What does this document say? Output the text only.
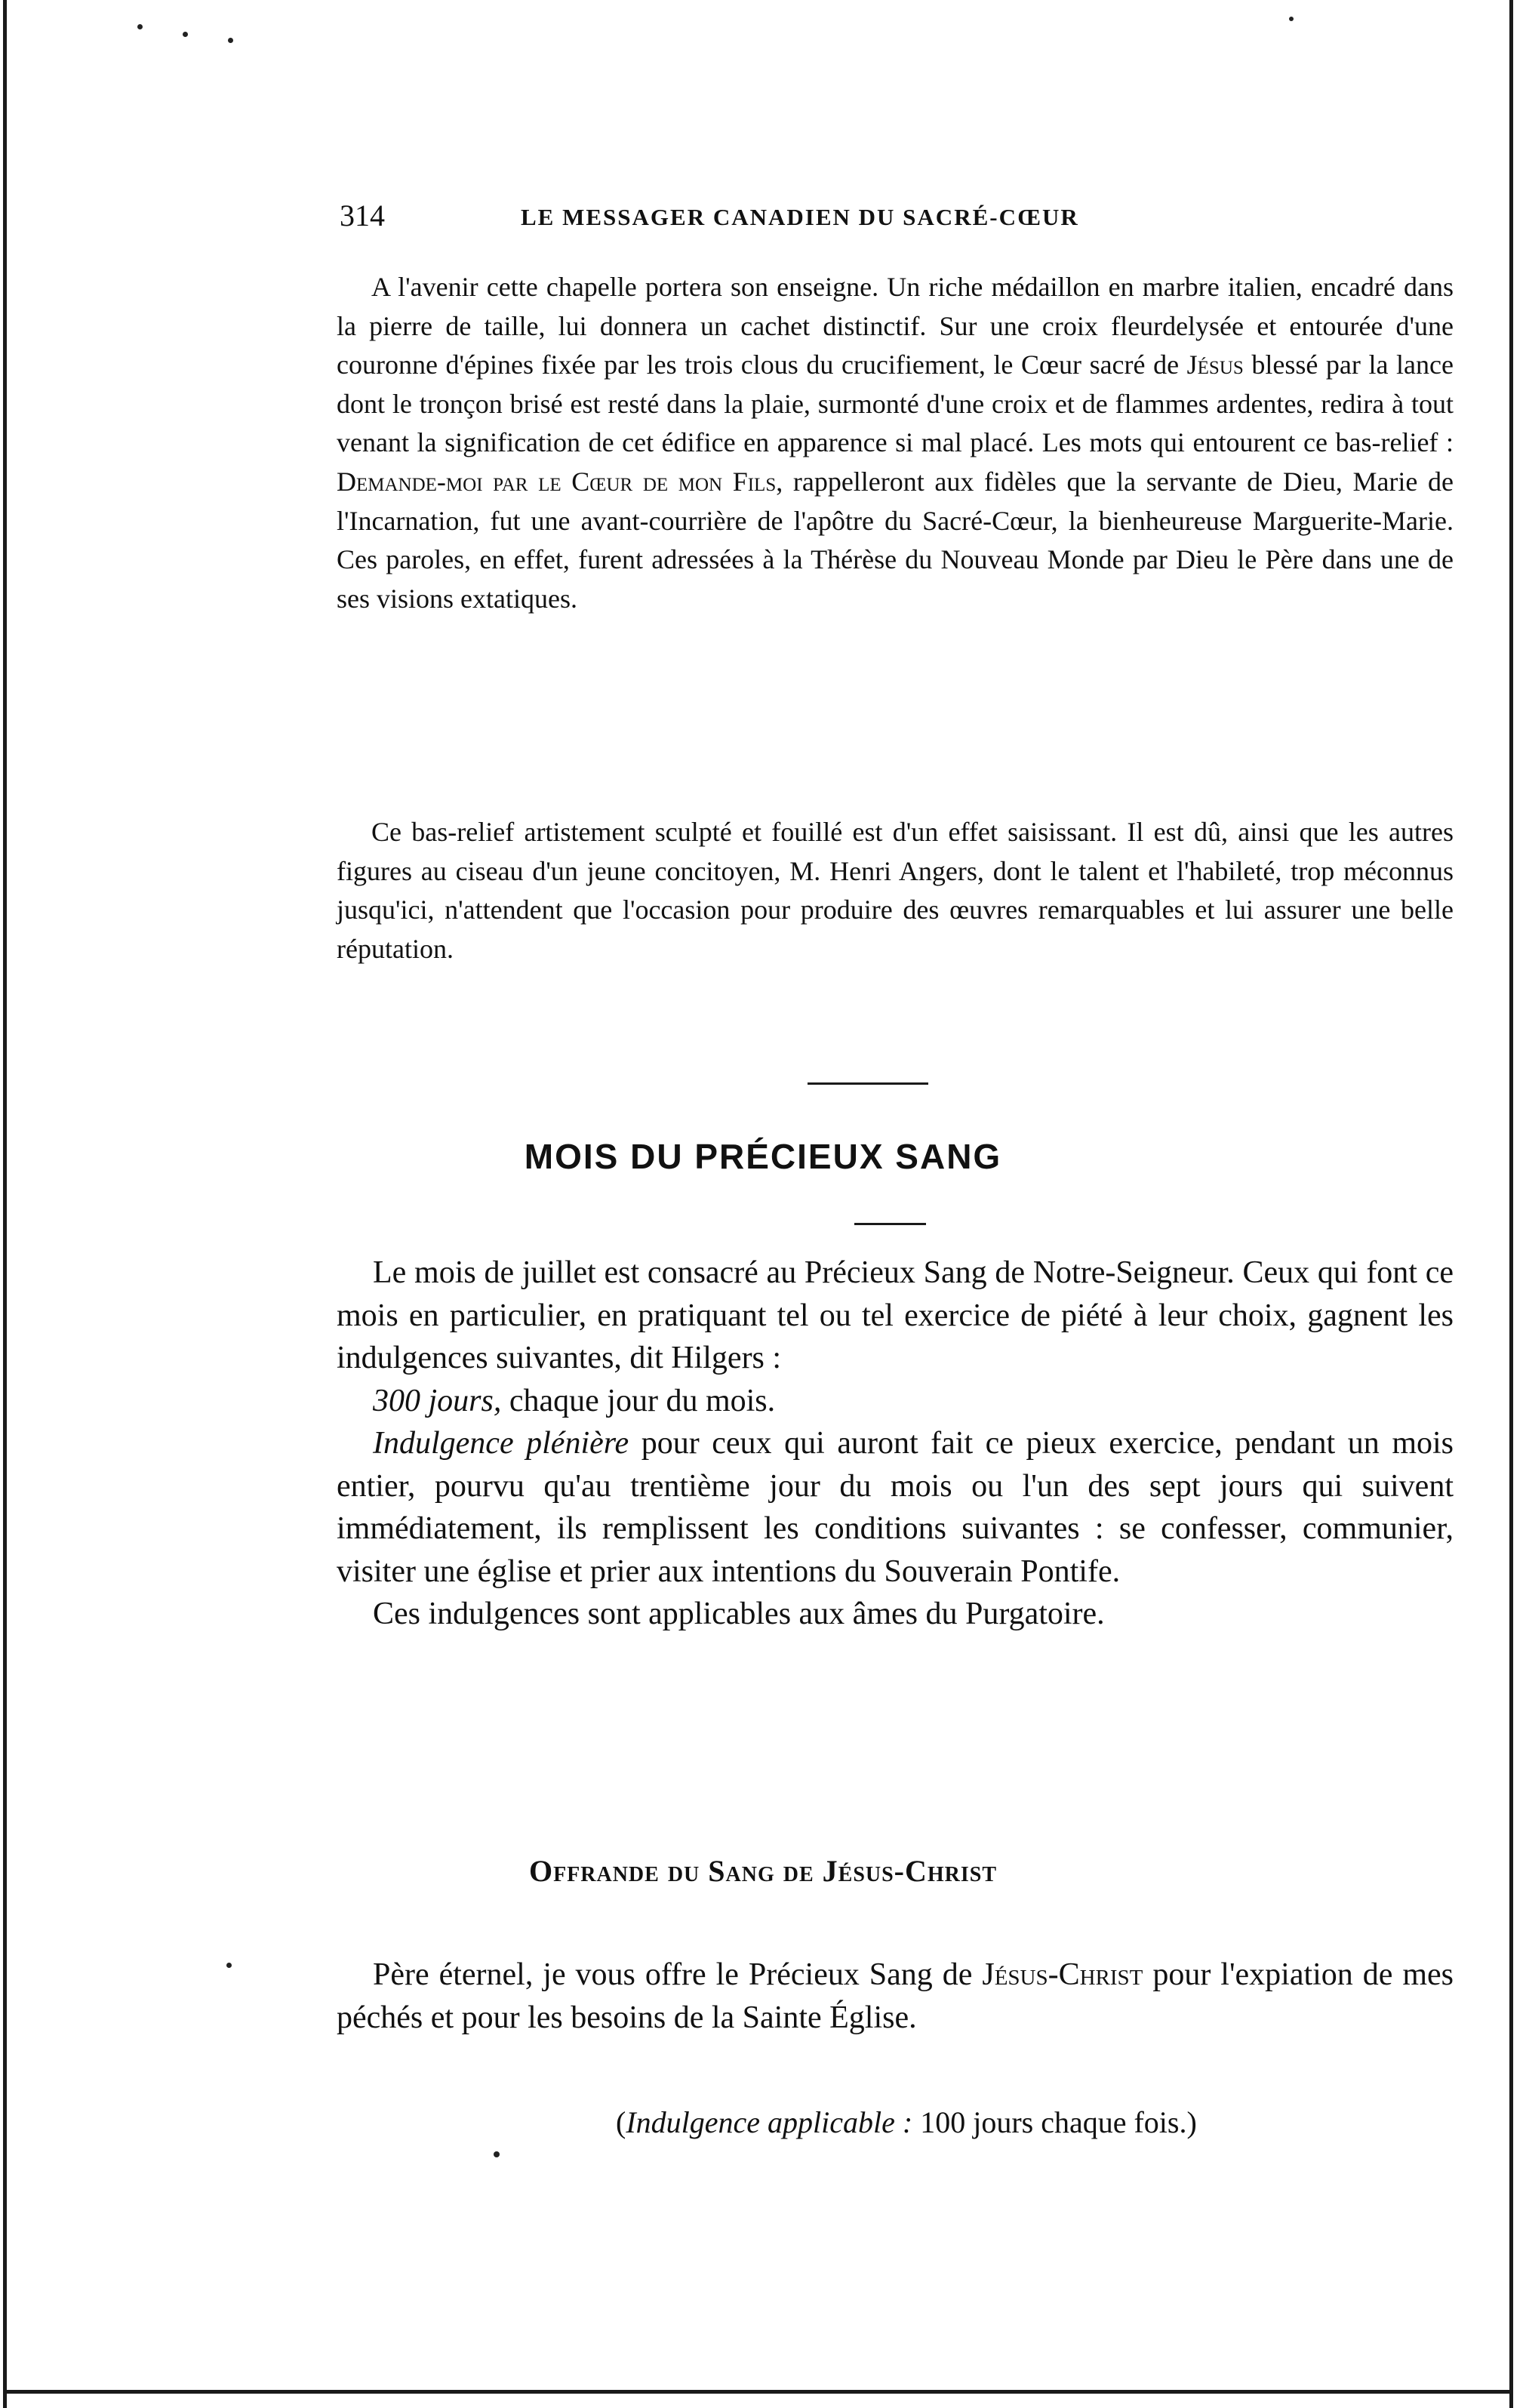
314	LE MESSAGER CANADIEN DU SACRÉ-CŒUR

A l'avenir cette chapelle portera son enseigne. Un riche médaillon en marbre italien, encadré dans la pierre de taille, lui donnera un cachet distinctif. Sur une croix fleurdelysée et entourée d'une couronne d'épines fixée par les trois clous du crucifiement, le Cœur sacré de Jésus blessé par la lance dont le tronçon brisé est resté dans la plaie, surmonté d'une croix et de flammes ardentes, redira à tout venant la signification de cet édifice en apparence si mal placé. Les mots qui entourent ce bas-relief : Demande-moi par le Cœur de mon Fils, rappelleront aux fidèles que la servante de Dieu, Marie de l'Incarnation, fut une avant-courrière de l'apôtre du Sacré-Cœur, la bienheureuse Marguerite-Marie. Ces paroles, en effet, furent adressées à la Thérèse du Nouveau Monde par Dieu le Père dans une de ses visions extatiques.

Ce bas-relief artistement sculpté et fouillé est d'un effet saisissant. Il est dû, ainsi que les autres figures au ciseau d'un jeune concitoyen, M. Henri Angers, dont le talent et l'habileté, trop méconnus jusqu'ici, n'attendent que l'occasion pour produire des œuvres remarquables et lui assurer une belle réputation.

MOIS DU PRÉCIEUX SANG
Le mois de juillet est consacré au Précieux Sang de Notre-Seigneur. Ceux qui font ce mois en particulier, en pratiquant tel ou tel exercice de piété à leur choix, gagnent les indulgences suivantes, dit Hilgers :
300 jours, chaque jour du mois.
Indulgence plénière pour ceux qui auront fait ce pieux exercice, pendant un mois entier, pourvu qu'au trentième jour du mois ou l'un des sept jours qui suivent immédiatement, ils remplissent les conditions suivantes : se confesser, communier, visiter une église et prier aux intentions du Souverain Pontife.
Ces indulgences sont applicables aux âmes du Purgatoire.
Offrande du Sang de Jésus-Christ

Père éternel, je vous offre le Précieux Sang de Jésus-Christ pour l'expiation de mes péchés et pour les besoins de la Sainte Église.

(Indulgence applicable : 100 jours chaque fois.)
